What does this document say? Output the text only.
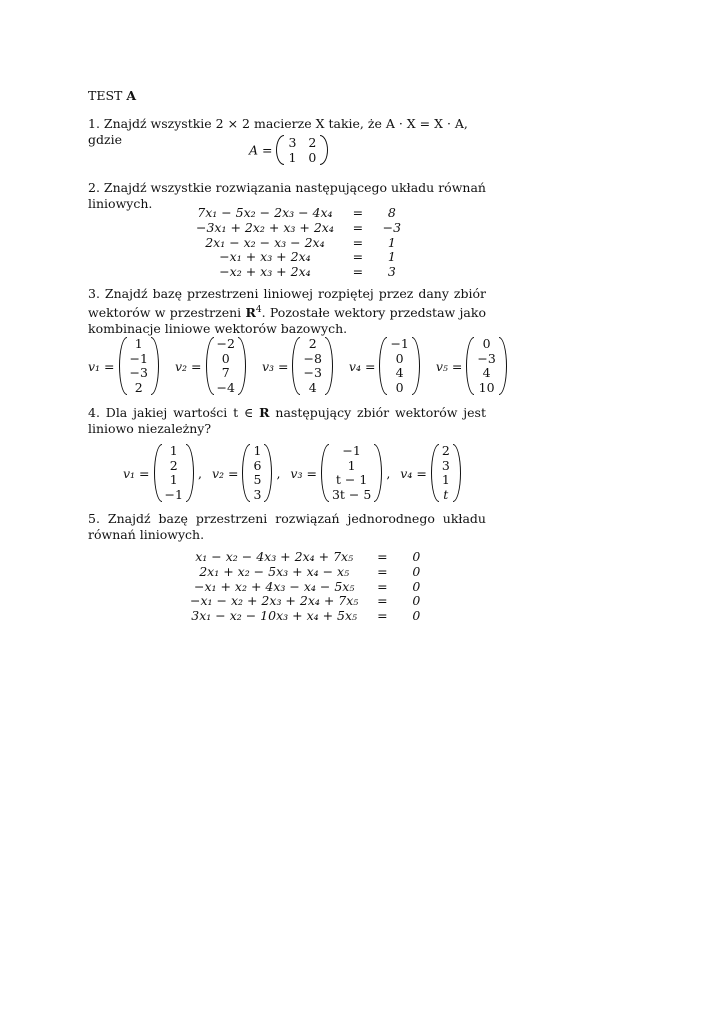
TEST A
1. Znajdź wszystkie 2 × 2 macierze X takie, że A · X = X · A, gdzie
A = 3 2
1 0
2. Znajdź wszystkie rozwiązania następującego układu równań liniowych.
7x₁ − 5x₂ − 2x₃ − 4x₄	=	8
−3x₁ + 2x₂ + x₃ + 2x₄	=	−3
2x₁ − x₂ − x₃ − 2x₄	=	1
−x₁ + x₃ + 2x₄	=	1
−x₂ + x₃ + 2x₄	=	3
3. Znajdź bazę przestrzeni liniowej rozpiętej przez dany zbiór wektorów w przestrzeni $R^4$. Pozostałe wektory przedstaw jako kombinacje liniowe wektorów bazowych.
v₁ =
1
−1
−3
2
v₂ =
−2
0
7
−4
v₃ =
2
−8
−3
4
v₄ =
−1
0
4
0
v₅ =
0
−3
4
10
4. Dla jakiej wartości t ∈ R następujący zbiór wektorów jest liniowo niezależny?
v₁ =
1
2
1
−1
, v₂ =
1
6
5
3
, v₃ =
−1
1
t − 1
3t − 5
, v₄ =
2
3
1
t
5. Znajdź bazę przestrzeni rozwiązań jednorodnego układu równań liniowych.
x₁ − x₂ − 4x₃ + 2x₄ + 7x₅	=	0
2x₁ + x₂ − 5x₃ + x₄ − x₅	=	0
−x₁ + x₂ + 4x₃ − x₄ − 5x₅	=	0
−x₁ − x₂ + 2x₃ + 2x₄ + 7x₅	=	0
3x₁ − x₂ − 10x₃ + x₄ + 5x₅	=	0
